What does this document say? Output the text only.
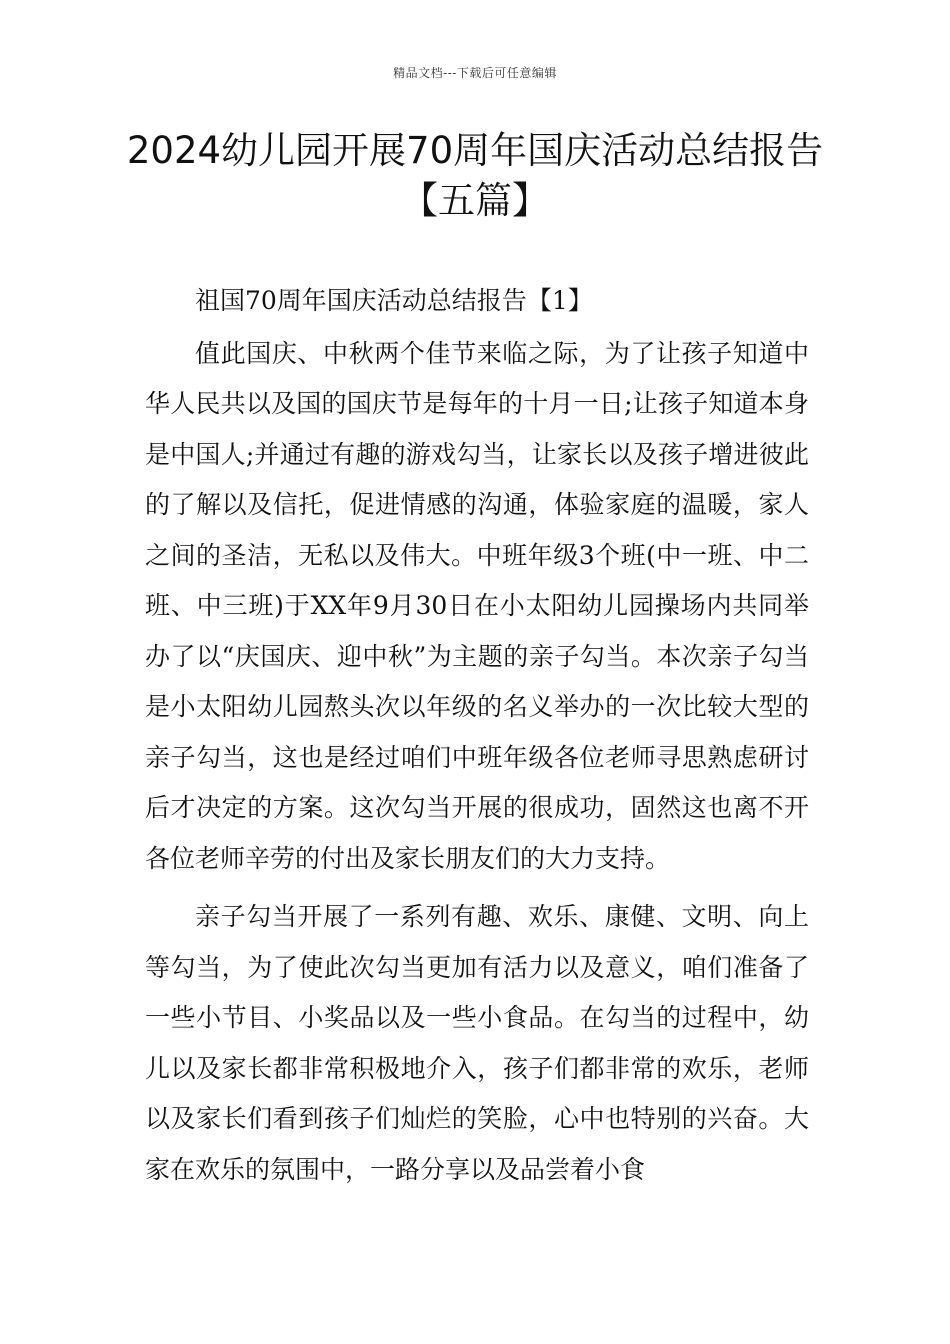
精品文档---下载后可任意编辑
2024幼儿园开展70周年国庆活动总结报告【五篇】

祖国70周年国庆活动总结报告【1】

值此国庆、中秋两个佳节来临之际，为了让孩子知道中华人民共以及国的国庆节是每年的十月一日;让孩子知道本身是中国人;并通过有趣的游戏勾当，让家长以及孩子增进彼此的了解以及信托，促进情感的沟通，体验家庭的温暖，家人之间的圣洁，无私以及伟大。中班年级3个班(中一班、中二班、中三班)于XX年9月30日在小太阳幼儿园操场内共同举办了以“庆国庆、迎中秋”为主题的亲子勾当。本次亲子勾当是小太阳幼儿园熬头次以年级的名义举办的一次比较大型的亲子勾当，这也是经过咱们中班年级各位老师寻思熟虑研讨后才决定的方案。这次勾当开展的很成功，固然这也离不开各位老师辛劳的付出及家长朋友们的大力支持。

亲子勾当开展了一系列有趣、欢乐、康健、文明、向上等勾当，为了使此次勾当更加有活力以及意义，咱们准备了一些小节目、小奖品以及一些小食品。在勾当的过程中，幼儿以及家长都非常积极地介入，孩子们都非常的欢乐，老师以及家长们看到孩子们灿烂的笑脸，心中也特别的兴奋。大家在欢乐的氛围中，一路分享以及品尝着小食
